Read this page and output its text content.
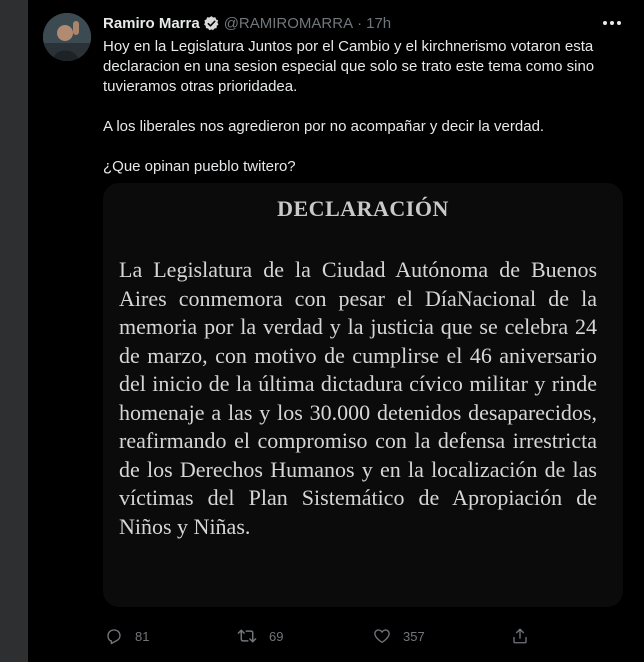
Ramiro Marra @RAMIROMARRA · 17h

Hoy en la Legislatura Juntos por el Cambio y el kirchnerismo votaron esta declaracion en una sesion especial que solo se trato este tema como sino tuvieramos otras prioridadea.

A los liberales nos agredieron por no acompañar y decir la verdad.

¿Que opinan pueblo twitero?

DECLARACIÓN
La Legislatura de la Ciudad Autónoma de Buenos Aires conmemora con pesar el DíaNacional de la memoria por la verdad y la justicia que se celebra 24 de marzo, con motivo de cumplirse el 46 aniversario del inicio de la última dictadura cívico militar y rinde homenaje a las y los 30.000 detenidos desaparecidos, reafirmando el compromiso con la defensa irrestricta de los Derechos Humanos y en la localización de las víctimas del Plan Sistemático de Apropiación de Niños y Niñas.
81	69	357
